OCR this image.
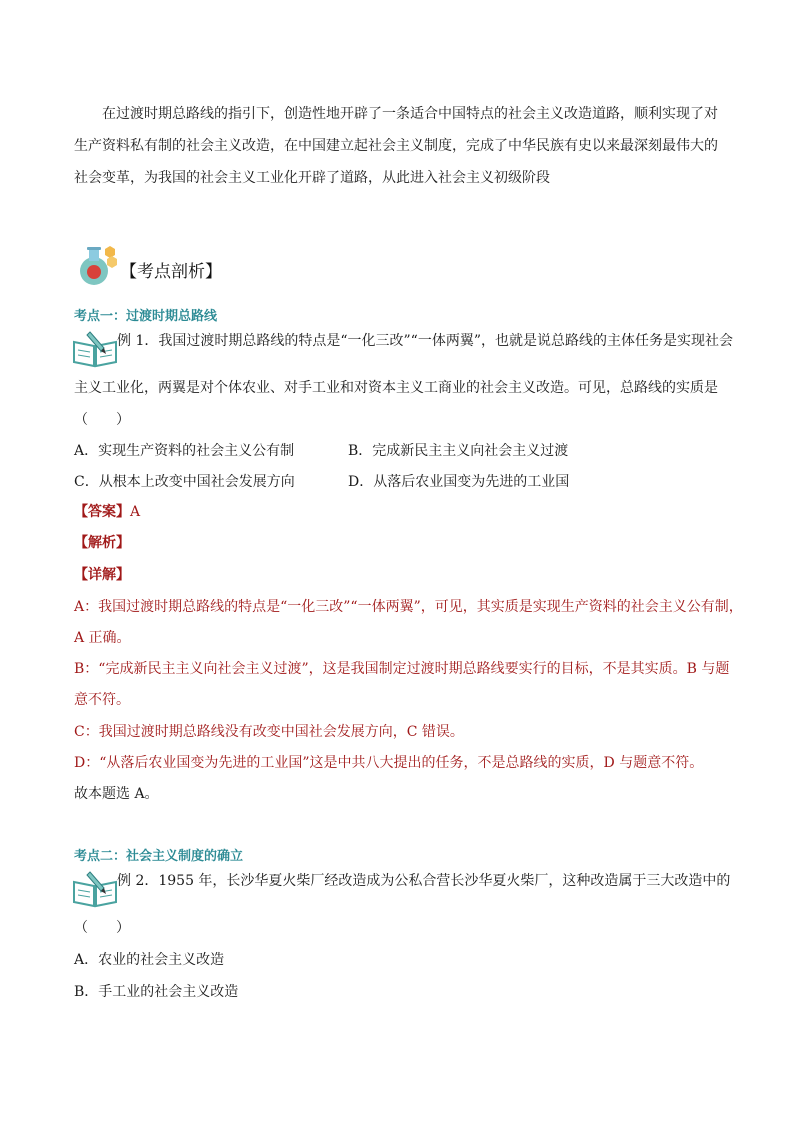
在过渡时期总路线的指引下，创造性地开辟了一条适合中国特点的社会主义改造道路，顺利实现了对生产资料私有制的社会主义改造，在中国建立起社会主义制度，完成了中华民族有史以来最深刻最伟大的社会变革，为我国的社会主义工业化开辟了道路，从此进入社会主义初级阶段
【考点剖析】
考点一：过渡时期总路线
例 1．我国过渡时期总路线的特点是“一化三改”“一体两翼”，也就是说总路线的主体任务是实现社会
主义工业化，两翼是对个体农业、对手工业和对资本主义工商业的社会主义改造。可见，总路线的实质是
（　　）
A．实现生产资料的社会主义公有制	B．完成新民主主义向社会主义过渡
C．从根本上改变中国社会发展方向	D．从落后农业国变为先进的工业国
【答案】A
【解析】
【详解】
A：我国过渡时期总路线的特点是“一化三改”“一体两翼”，可见，其实质是实现生产资料的社会主义公有制，
A 正确。
B：“完成新民主主义向社会主义过渡”，这是我国制定过渡时期总路线要实行的目标，不是其实质。B 与题
意不符。
C：我国过渡时期总路线没有改变中国社会发展方向，C 错误。
D：“从落后农业国变为先进的工业国”这是中共八大提出的任务，不是总路线的实质，D 与题意不符。
故本题选 A。
考点二：社会主义制度的确立
例 2．1955 年，长沙华夏火柴厂经改造成为公私合营长沙华夏火柴厂，这种改造属于三大改造中的
（　　）
A．农业的社会主义改造
B．手工业的社会主义改造
